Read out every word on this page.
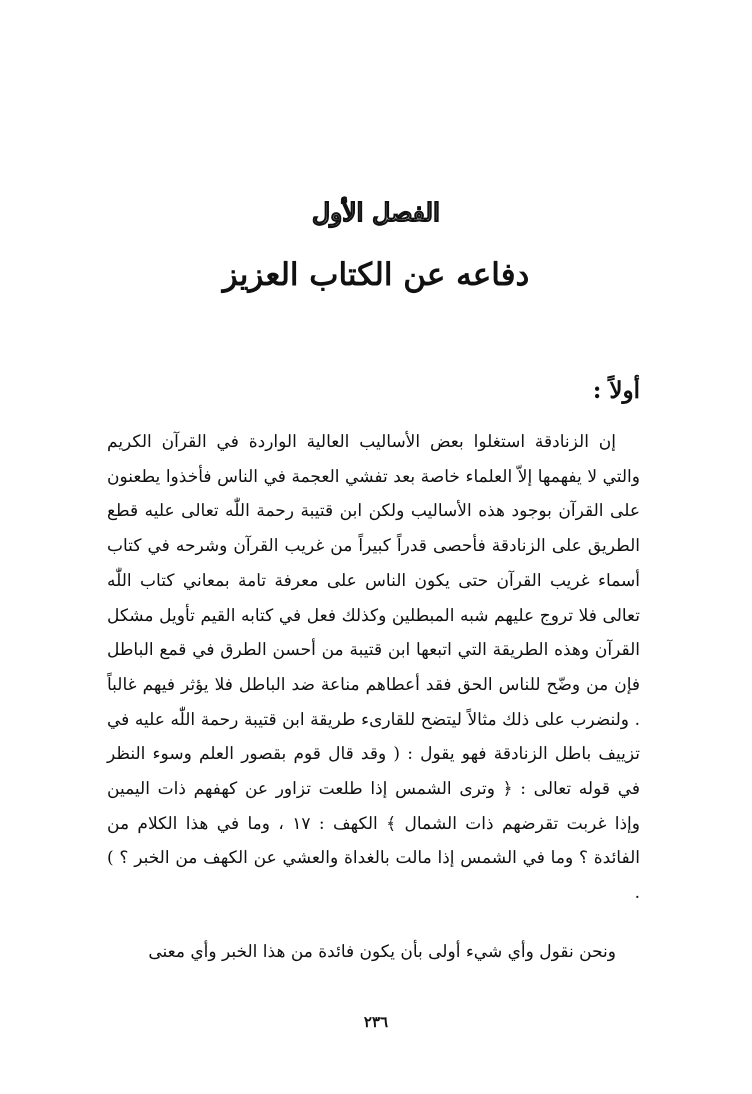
الفصل الأول
دفاعه عن الكتاب العزيز
أولاً :

إن الزنادقة استغلوا بعض الأساليب العالية الواردة في القرآن الكريم والتي لا يفهمها إلاّ العلماء خاصة بعد تفشي العجمة في الناس فأخذوا يطعنون على القرآن بوجود هذه الأساليب ولكن ابن قتيبة رحمة اللّٰه تعالى عليه قطع الطريق على الزنادقة فأحصى قدراً كبيراً من غريب القرآن وشرحه في كتاب أسماء غريب القرآن حتى يكون الناس على معرفة تامة بمعاني كتاب اللّٰه تعالى فلا تروج عليهم شبه المبطلين وكذلك فعل في كتابه القيم تأويل مشكل القرآن وهذه الطريقة التي اتبعها ابن قتيبة من أحسن الطرق في قمع الباطل فإن من وضّح للناس الحق فقد أعطاهم مناعة ضد الباطل فلا يؤثر فيهم غالباً . ولنضرب على ذلك مثالاً ليتضح للقارىء طريقة ابن قتيبة رحمة اللّٰه عليه في تزييف باطل الزنادقة فهو يقول : ( وقد قال قوم بقصور العلم وسوء النظر في قوله تعالى : ﴿ وترى الشمس إذا طلعت تزاور عن كهفهم ذات اليمين وإذا غربت تقرضهم ذات الشمال ﴾ الكهف : ١٧ ، وما في هذا الكلام من الفائدة ؟ وما في الشمس إذا مالت بالغداة والعشي عن الكهف من الخبر ؟ ) .

ونحن نقول وأي شيء أولى بأن يكون فائدة من هذا الخبر وأي معنى

٢٣٦
